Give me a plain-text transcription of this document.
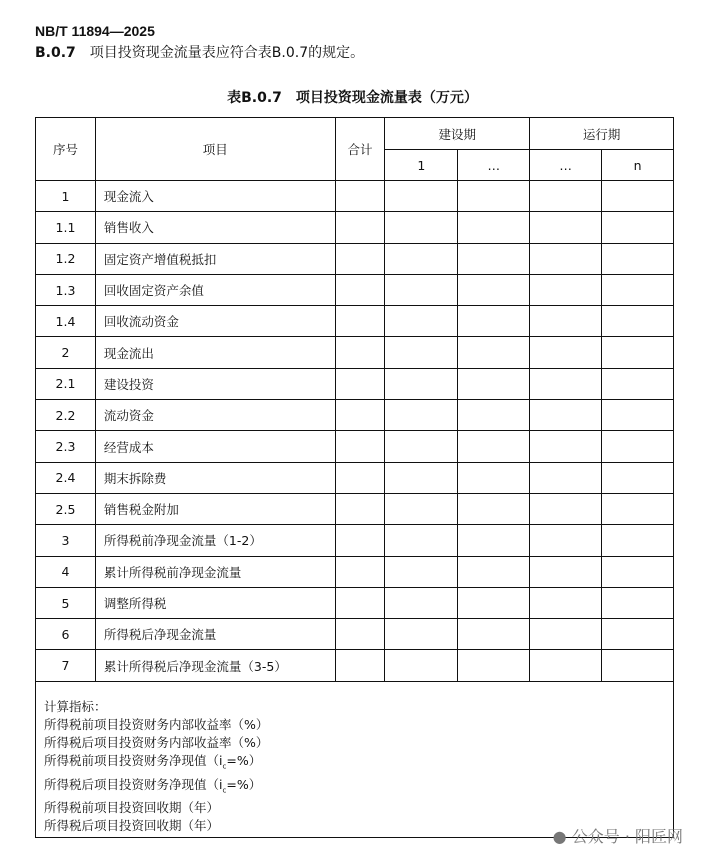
NB/T 11894—2025
B.0.7 项目投资现金流量表应符合表B.0.7的规定。
表B.0.7　项目投资现金流量表（万元）
序号	项目	合计	建设期		运行期	
			1	…	…	n
1	现金流入					
1.1	销售收入					
1.2	固定资产增值税抵扣					
1.3	回收固定资产余值					
1.4	回收流动资金					
2	现金流出					
2.1	建设投资					
2.2	流动资金					
2.3	经营成本					
2.4	期末拆除费					
2.5	销售税金附加					
3	所得税前净现金流量（1-2）					
4	累计所得税前净现金流量					
5	调整所得税					
6	所得税后净现金流量					
7	累计所得税后净现金流量（3-5）					
计算指标：
所得税前项目投资财务内部收益率（%）
所得税后项目投资财务内部收益率（%）
所得税前项目投资财务净现值$(i_c=\%)$
所得税后项目投资财务净现值$(i_c=\%)$
所得税前项目投资回收期（年）
所得税后项目投资回收期（年）
● 公众号 · 阳匠网
